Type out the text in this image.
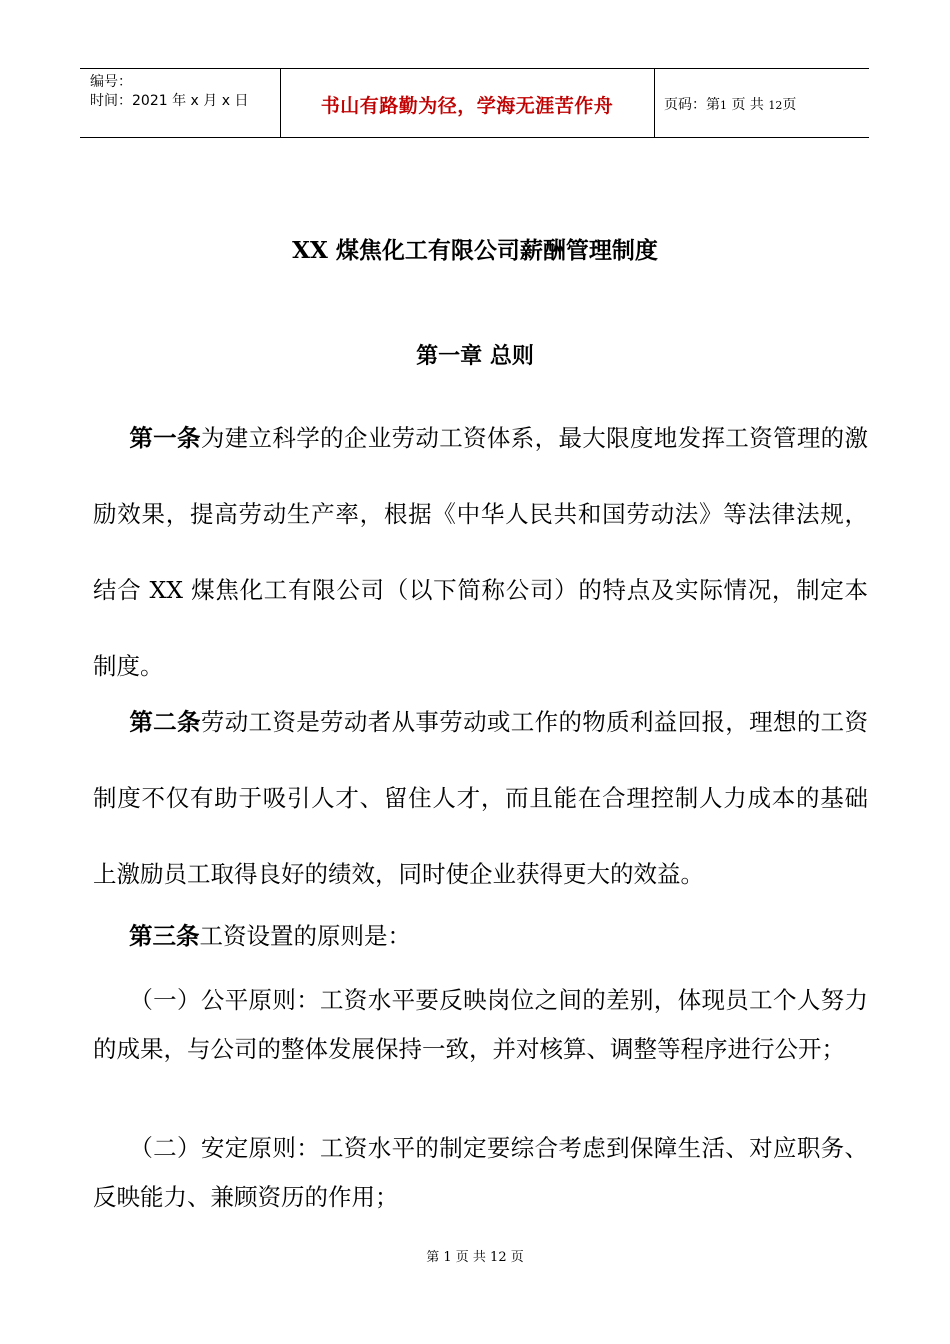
编号：
时间：2021 年 x 月 x 日	书山有路勤为径，学海无涯苦作舟	页码：第1 页 共 12页
XX 煤焦化工有限公司薪酬管理制度
第一章 总则
第一条为建立科学的企业劳动工资体系，最大限度地发挥工资管理的激励效果，提高劳动生产率，根据《中华人民共和国劳动法》等法律法规，结合 XX 煤焦化工有限公司（以下简称公司）的特点及实际情况，制定本制度。
第二条劳动工资是劳动者从事劳动或工作的物质利益回报，理想的工资制度不仅有助于吸引人才、留住人才，而且能在合理控制人力成本的基础上激励员工取得良好的绩效，同时使企业获得更大的效益。
第三条工资设置的原则是：
（一）公平原则：工资水平要反映岗位之间的差别，体现员工个人努力的成果，与公司的整体发展保持一致，并对核算、调整等程序进行公开；
（二）安定原则：工资水平的制定要综合考虑到保障生活、对应职务、反映能力、兼顾资历的作用；
第 1 页 共 12 页
